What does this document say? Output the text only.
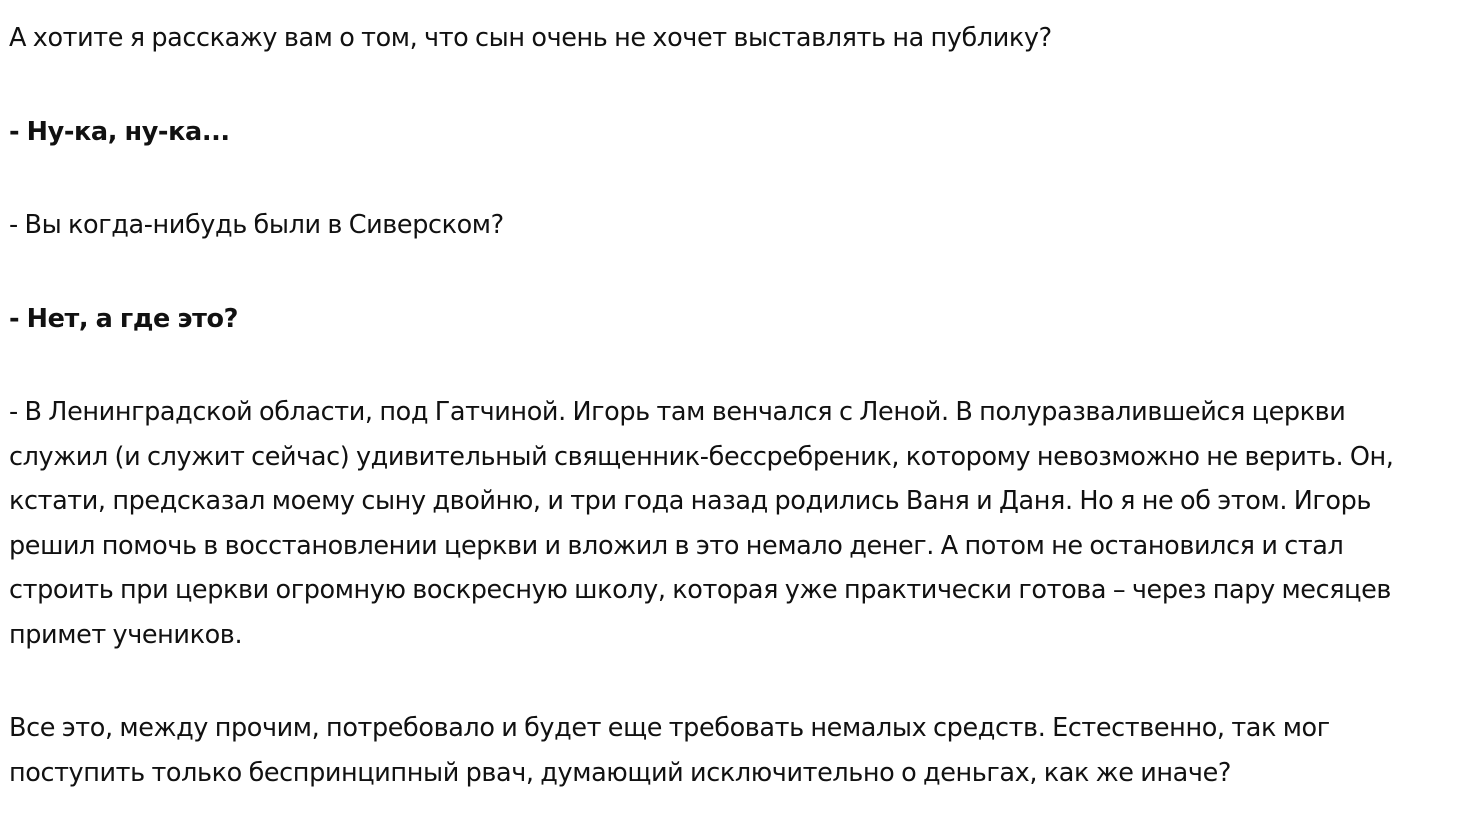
А хотите я расскажу вам о том, что сын очень не хочет выставлять на публику?

- Ну-ка, ну-ка...

- Вы когда-нибудь были в Сиверском?

- Нет, а где это?

- В Ленинградской области, под Гатчиной. Игорь там венчался с Леной. В полуразвалившейся церкви служил (и служит сейчас) удивительный священник-бессребреник, которому невозможно не верить. Он, кстати, предсказал моему сыну двойню, и три года назад родились Ваня и Даня. Но я не об этом. Игорь решил помочь в восстановлении церкви и вложил в это немало денег. А потом не остановился и стал строить при церкви огромную воскресную школу, которая уже практически готова – через пару месяцев примет учеников.

Все это, между прочим, потребовало и будет еще требовать немалых средств. Естественно, так мог поступить только беспринципный рвач, думающий исключительно о деньгах, как же иначе?
